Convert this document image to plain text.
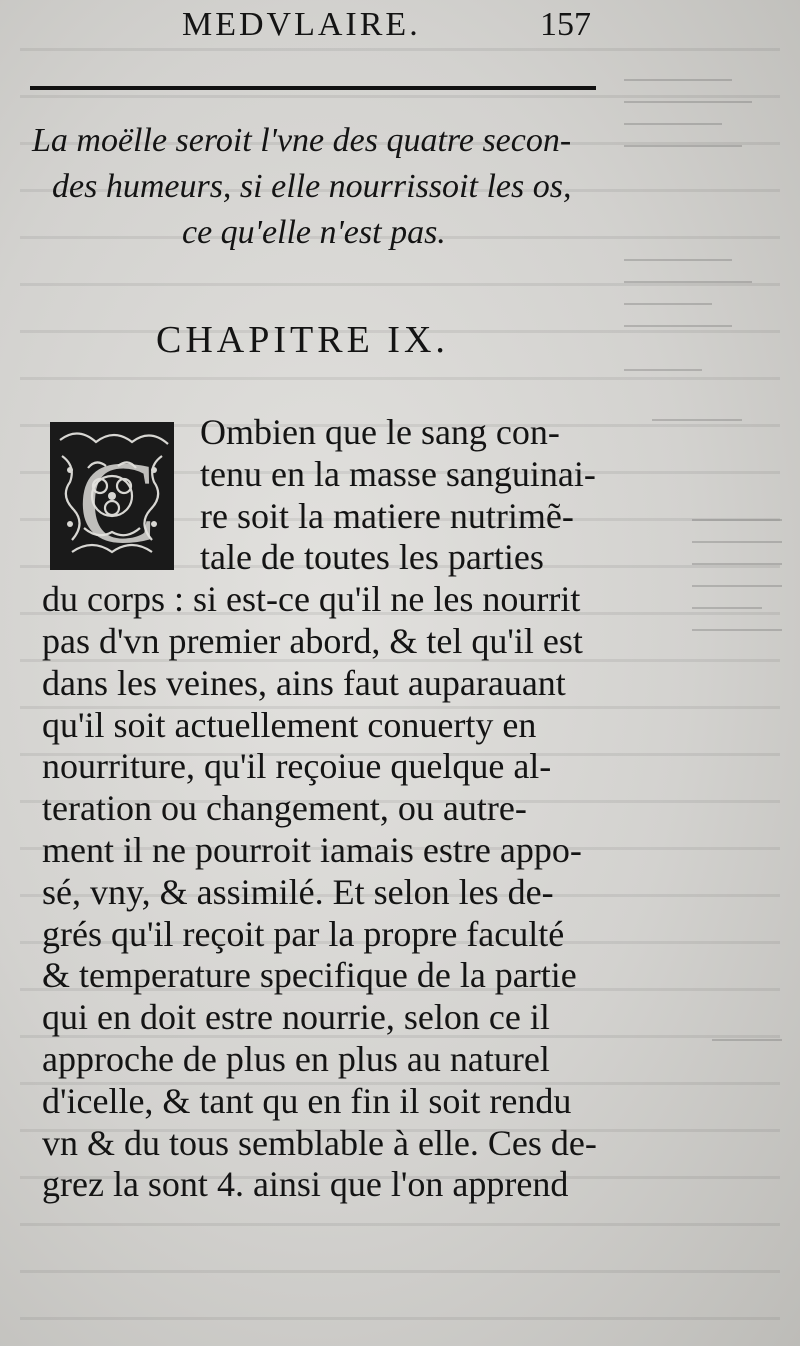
MEDVLAIRE.	157
La moëlle seroit l'vne des quatre secon-
des humeurs, si elle nourrissoit les os,
ce qu'elle n'est pas.
CHAPITRE IX.
C
Ombien que le sang con-
tenu en la masse sanguinai-
re soit la matiere nutrimẽ-
tale de toutes les parties
du corps : si est-ce qu'il ne les nourrit
pas d'vn premier abord, & tel qu'il est
dans les veines, ains faut auparauant
qu'il soit actuellement conuerty en
nourriture, qu'il reçoiue quelque al-
teration ou changement, ou autre-
ment il ne pourroit iamais estre appo-
sé, vny, & assimilé. Et selon les de-
grés qu'il reçoit par la propre faculté
& temperature specifique de la partie
qui en doit estre nourrie, selon ce il
approche de plus en plus au naturel
d'icelle, & tant qu en fin il soit rendu
vn & du tous semblable à elle. Ces de-
grez la sont 4. ainsi que l'on apprend
